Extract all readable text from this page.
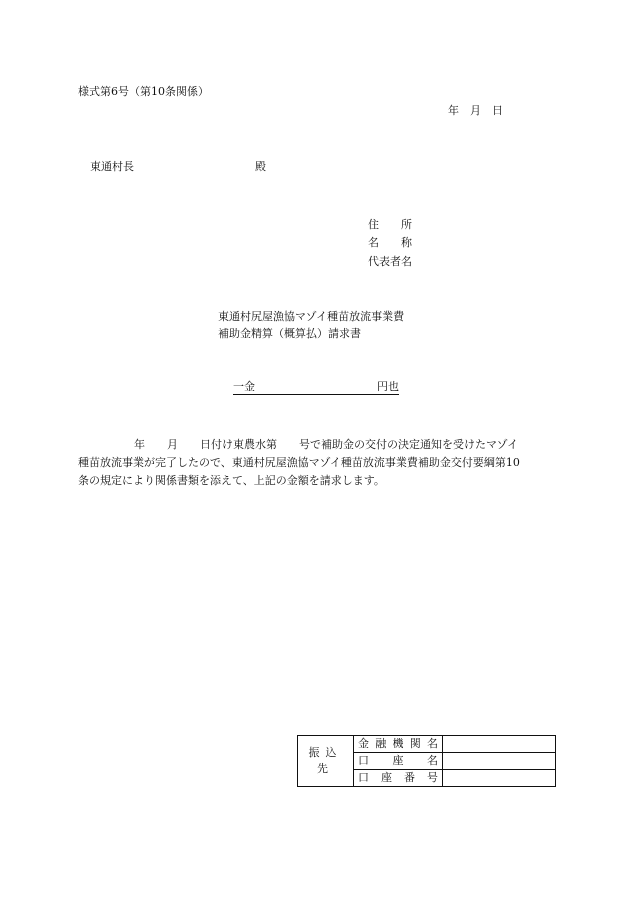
様式第6号（第10条関係）
年　月　日
東通村長	殿
住 所
名 称
代表者名
東通村尻屋漁協マゾイ種苗放流事業費
補助金精算（概算払）請求書
一金	円也

年　　月　　日付け東農水第　　号で補助金の交付の決定通知を受けたマゾイ
種苗放流事業が完了したので、東通村尻屋漁協マゾイ種苗放流事業費補助金交付要綱第10
条の規定により関係書類を添えて、上記の金額を請求します。
振込先	金 融 機 関 名	

	口 座 名	

	口 座 番 号	
